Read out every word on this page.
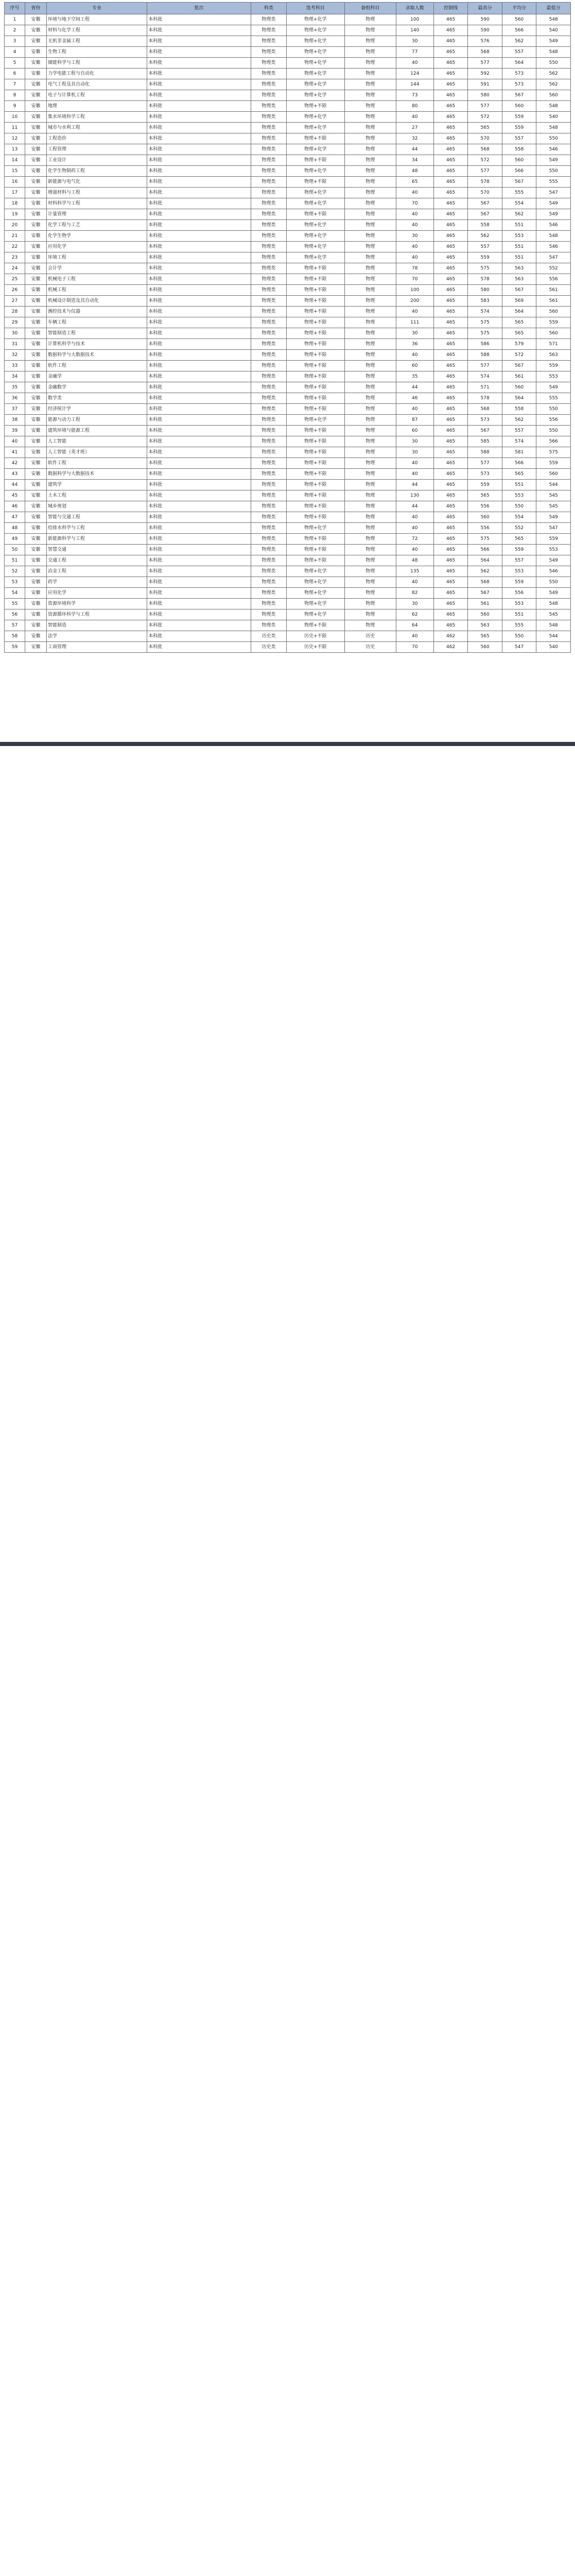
序号	省份	专业	批次	科类	选考科目	备组科目	录取人数	控制线	最高分	平均分	最低分
1	安徽	环境与地下空间工程	本科批	物理类	物理+化学	物理	100	465	590	560	548
2	安徽	材料与化学工程	本科批	物理类	物理+化学	物理	140	465	590	566	540
3	安徽	无机非金属工程	本科批	物理类	物理+化学	物理	30	465	576	562	549
4	安徽	生物工程	本科批	物理类	物理+化学	物理	77	465	568	557	548
5	安徽	储能科学与工程	本科批	物理类	物理+化学	物理	40	465	577	564	550
6	安徽	力学电能工程与自动化	本科批	物理类	物理+化学	物理	124	465	592	573	562
7	安徽	电气工程及其自动化	本科批	物理类	物理+化学	物理	144	465	591	573	562
8	安徽	电子与计算机工程	本科批	物理类	物理+化学	物理	73	465	580	567	560
9	安徽	地理	本科批	物理类	物理+不限	物理	80	465	577	560	548
10	安徽	集水环境科学工程	本科批	物理类	物理+化学	物理	40	465	572	559	540
11	安徽	城市与水利工程	本科批	物理类	物理+化学	物理	27	465	565	559	548
12	安徽	工程造价	本科批	物理类	物理+不限	物理	32	465	570	557	550
13	安徽	工程管理	本科批	物理类	物理+化学	物理	44	465	568	558	546
14	安徽	工业设计	本科批	物理类	物理+不限	物理	34	465	572	560	549
15	安徽	化学生物制药工程	本科批	物理类	物理+化学	物理	48	465	577	566	550
16	安徽	新能源与电气化	本科批	物理类	物理+不限	物理	65	465	578	567	555
17	安徽	增强材料与工程	本科批	物理类	物理+化学	物理	40	465	570	555	547
18	安徽	材料科学与工程	本科批	物理类	物理+化学	物理	70	465	567	554	549
19	安徽	计量管理	本科批	物理类	物理+不限	物理	40	465	567	562	549
20	安徽	化学工程与工艺	本科批	物理类	物理+化学	物理	40	465	558	551	546
21	安徽	化学生物学	本科批	物理类	物理+化学	物理	30	465	562	553	548
22	安徽	应用化学	本科批	物理类	物理+化学	物理	40	465	557	551	546
23	安徽	环境工程	本科批	物理类	物理+化学	物理	40	465	559	551	547
24	安徽	会计学	本科批	物理类	物理+不限	物理	78	465	575	563	552
25	安徽	机械电子工程	本科批	物理类	物理+不限	物理	70	465	578	563	556
26	安徽	机械工程	本科批	物理类	物理+不限	物理	100	465	580	567	561
27	安徽	机械设计制造及其自动化	本科批	物理类	物理+不限	物理	200	465	583	569	561
28	安徽	测控技术与仪器	本科批	物理类	物理+不限	物理	40	465	574	564	560
29	安徽	车辆工程	本科批	物理类	物理+不限	物理	111	465	575	565	559
30	安徽	智能制造工程	本科批	物理类	物理+不限	物理	30	465	575	565	560
31	安徽	计算机科学与技术	本科批	物理类	物理+不限	物理	36	465	586	579	571
32	安徽	数据科学与大数据技术	本科批	物理类	物理+不限	物理	40	465	588	572	563
33	安徽	软件工程	本科批	物理类	物理+不限	物理	60	465	577	567	559
34	安徽	金融学	本科批	物理类	物理+不限	物理	35	465	574	561	553
35	安徽	金融数学	本科批	物理类	物理+不限	物理	44	465	571	560	549
36	安徽	数学类	本科批	物理类	物理+不限	物理	46	465	578	564	555
37	安徽	经济统计学	本科批	物理类	物理+不限	物理	40	465	568	558	550
38	安徽	能源与动力工程	本科批	物理类	物理+化学	物理	87	465	573	562	556
39	安徽	建筑环境与能源工程	本科批	物理类	物理+不限	物理	60	465	567	557	550
40	安徽	人工智能	本科批	物理类	物理+不限	物理	30	465	585	574	566
41	安徽	人工智能（英才班）	本科批	物理类	物理+不限	物理	30	465	588	581	575
42	安徽	软件工程	本科批	物理类	物理+不限	物理	40	465	577	566	559
43	安徽	数据科学与大数据技术	本科批	物理类	物理+不限	物理	40	465	573	565	560
44	安徽	建筑学	本科批	物理类	物理+不限	物理	44	465	559	551	544
45	安徽	土木工程	本科批	物理类	物理+不限	物理	130	465	565	553	545
46	安徽	城乡规划	本科批	物理类	物理+不限	物理	44	465	556	550	545
47	安徽	智能与交通工程	本科批	物理类	物理+不限	物理	40	465	560	554	549
48	安徽	给排水科学与工程	本科批	物理类	物理+化学	物理	40	465	556	552	547
49	安徽	新能源科学与工程	本科批	物理类	物理+不限	物理	72	465	575	565	559
50	安徽	智慧交通	本科批	物理类	物理+不限	物理	40	465	566	559	553
51	安徽	交通工程	本科批	物理类	物理+不限	物理	48	465	564	557	549
52	安徽	冶金工程	本科批	物理类	物理+化学	物理	135	465	562	553	546
53	安徽	药学	本科批	物理类	物理+化学	物理	40	465	568	559	550
54	安徽	应用化学	本科批	物理类	物理+化学	物理	82	465	567	556	549
55	安徽	资源环境科学	本科批	物理类	物理+化学	物理	30	465	561	553	548
56	安徽	资源循环科学与工程	本科批	物理类	物理+化学	物理	62	465	560	551	545
57	安徽	智能制造	本科批	物理类	物理+不限	物理	64	465	563	555	548
58	安徽	法学	本科批	历史类	历史+不限	历史	40	462	565	550	544
59	安徽	工商管理	本科批	历史类	历史+不限	历史	70	462	560	547	540
